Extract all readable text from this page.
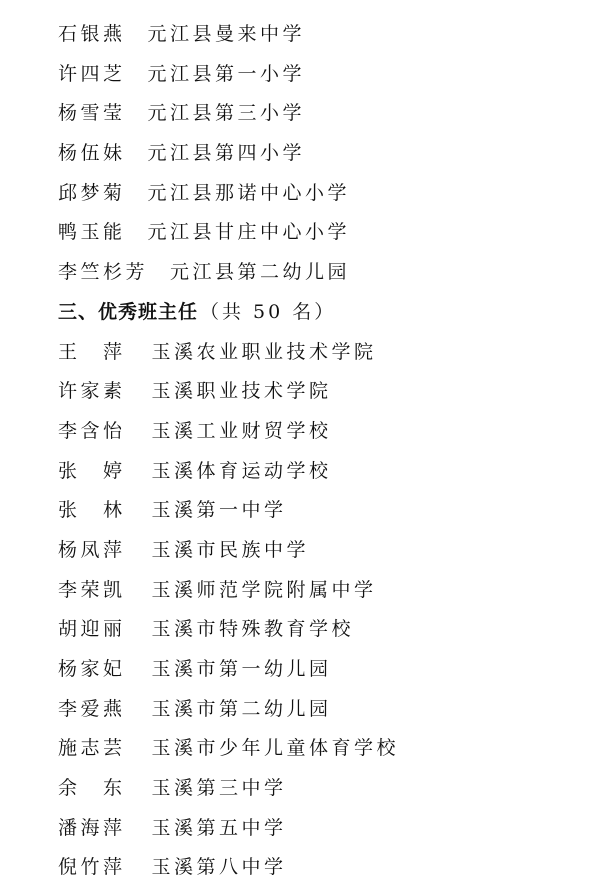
石银燕 元江县曼来中学
许四芝 元江县第一小学
杨雪莹 元江县第三小学
杨伍妹 元江县第四小学
邱梦菊 元江县那诺中心小学
鸭玉能 元江县甘庄中心小学
李竺杉芳 元江县第二幼儿园
三、优秀班主任 （共 50 名）
王　萍 玉溪农业职业技术学院
许家素 玉溪职业技术学院
李含怡 玉溪工业财贸学校
张　婷 玉溪体育运动学校
张　林 玉溪第一中学
杨凤萍 玉溪市民族中学
李荣凯 玉溪师范学院附属中学
胡迎丽 玉溪市特殊教育学校
杨家妃 玉溪市第一幼儿园
李爱燕 玉溪市第二幼儿园
施志芸 玉溪市少年儿童体育学校
余　东 玉溪第三中学
潘海萍 玉溪第五中学
倪竹萍 玉溪第八中学
